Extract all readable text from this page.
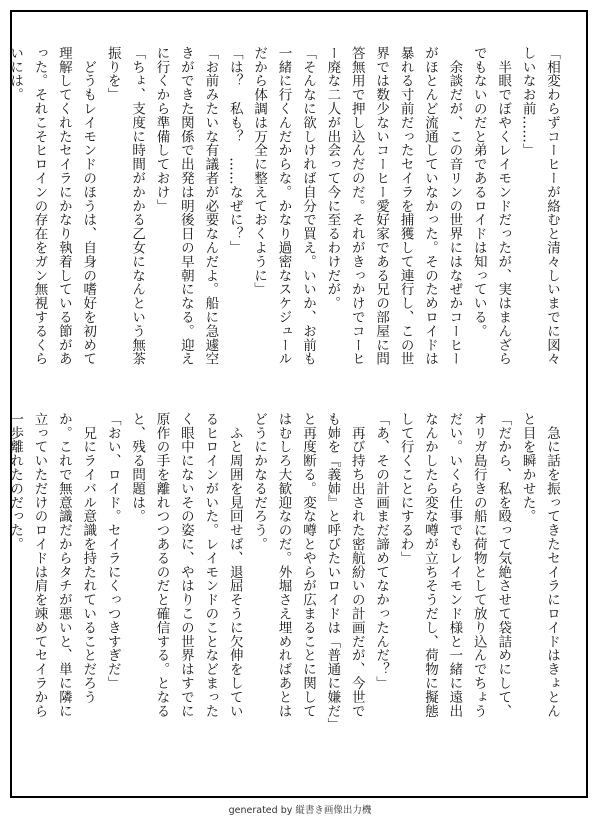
「相変わらずコーヒーが絡むと清々しいまでに図々しいなお前……」

　半眼でぼやくレイモンドだったが、実はまんざらでもないのだと弟であるロイドは知っている。

　余談だが、この音リンの世界にはなぜかコーヒーがほとんど流通していなかった。そのためロイドは暴れる寸前だったセイラを捕獲して連行し、この世界では数少ないコーヒー愛好家である兄の部屋に問答無用で押し込んだのだ。それがきっかけでコーヒー廃な二人が出会って今に至るわけだが。

「そんなに欲しければ自分で買え。いいか、お前も一緒に行くんだからな。かなり過密なスケジュールだから体調は万全に整えておくように」

「は？　私も？　……なぜに？」

「お前みたいな有議者が必要なんだよ。船に急遽空きができた関係で出発は明後日の早朝になる。迎えに行くから準備しておけ」

「ちょ、支度に時間がかかる乙女になんという無茶振りを」

　どうもレイモンドのほうは、自身の嗜好を初めて理解してくれたセイラにかなり執着している節があった。それこそヒロインの存在をガン無視するくらいには。

　急に話を振ってきたセイラにロイドはきょとんと目を瞬かせた。

「だから、私を殴って気絶させて袋詰めにして、オリガ島行きの船に荷物として放り込んでちょうだい。いくら仕事でもレイモンド様と一緒に遠出なんかしたら変な噂が立ちそうだし、荷物に擬態して行くことにするわ」

「あ、その計画まだ諦めてなかったんだ？」

　再び持ち出された密航紛いの計画だが、今世でも姉を『義姉』と呼びたいロイドは「普通に嫌だ」と再度断る。変な噂とやらが広まることに関してはむしろ大歓迎なのだ。外堀さえ埋めればあとはどうにかなるだろう。

　ふと周囲を見回せば、退屈そうに欠伸をしているヒロインがいた。レイモンドのことなどまったく眼中にないその姿に、やはりこの世界はすでに原作の手を離れつつあるのだと確信する。となると、残る問題は。

「おい、ロイド。セイラにくっつきすぎだ」

　兄にライバル意識を持たれていることだろうか。これで無意識だからタチが悪いと、単に隣に立っていただけのロイドは肩を竦めてセイラから一歩離れたのだった。

generated by 縦書き画像出力機
